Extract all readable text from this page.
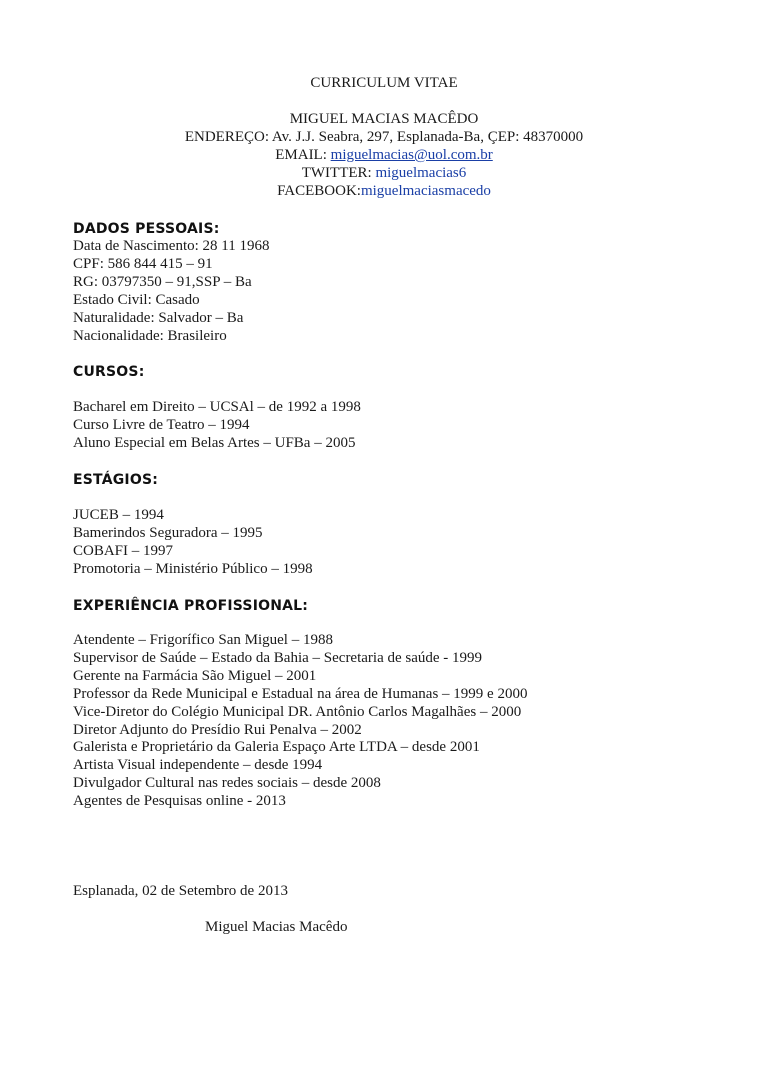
CURRICULUM VITAE
MIGUEL MACIAS MACÊDO
ENDEREÇO: Av. J.J. Seabra, 297, Esplanada-Ba, ÇEP: 48370000
EMAIL: miguelmacias@uol.com.br
TWITTER: miguelmacias6
FACEBOOK:miguelmaciasmacedo
DADOS PESSOAIS:
Data de Nascimento: 28 11 1968
CPF: 586 844 415 – 91
RG: 03797350 – 91,SSP – Ba
Estado Civil: Casado
Naturalidade: Salvador – Ba
Nacionalidade: Brasileiro
CURSOS:
Bacharel em Direito – UCSAl – de 1992 a 1998
Curso Livre de Teatro – 1994
Aluno Especial em Belas Artes – UFBa – 2005
ESTÁGIOS:
JUCEB – 1994
Bamerindos Seguradora – 1995
COBAFI – 1997
Promotoria – Ministério Público – 1998
EXPERIÊNCIA PROFISSIONAL:
Atendente – Frigorífico San Miguel – 1988
Supervisor de Saúde – Estado da Bahia – Secretaria de saúde - 1999
Gerente na Farmácia São Miguel – 2001
Professor da Rede Municipal e Estadual na área de Humanas – 1999 e 2000
Vice-Diretor do Colégio Municipal DR. Antônio Carlos Magalhães – 2000
Diretor Adjunto do Presídio Rui Penalva – 2002
Galerista e Proprietário da Galeria Espaço Arte LTDA – desde 2001
Artista Visual independente – desde 1994
Divulgador Cultural nas redes sociais – desde 2008
Agentes de Pesquisas online - 2013
Esplanada, 02 de Setembro de 2013
Miguel Macias Macêdo
